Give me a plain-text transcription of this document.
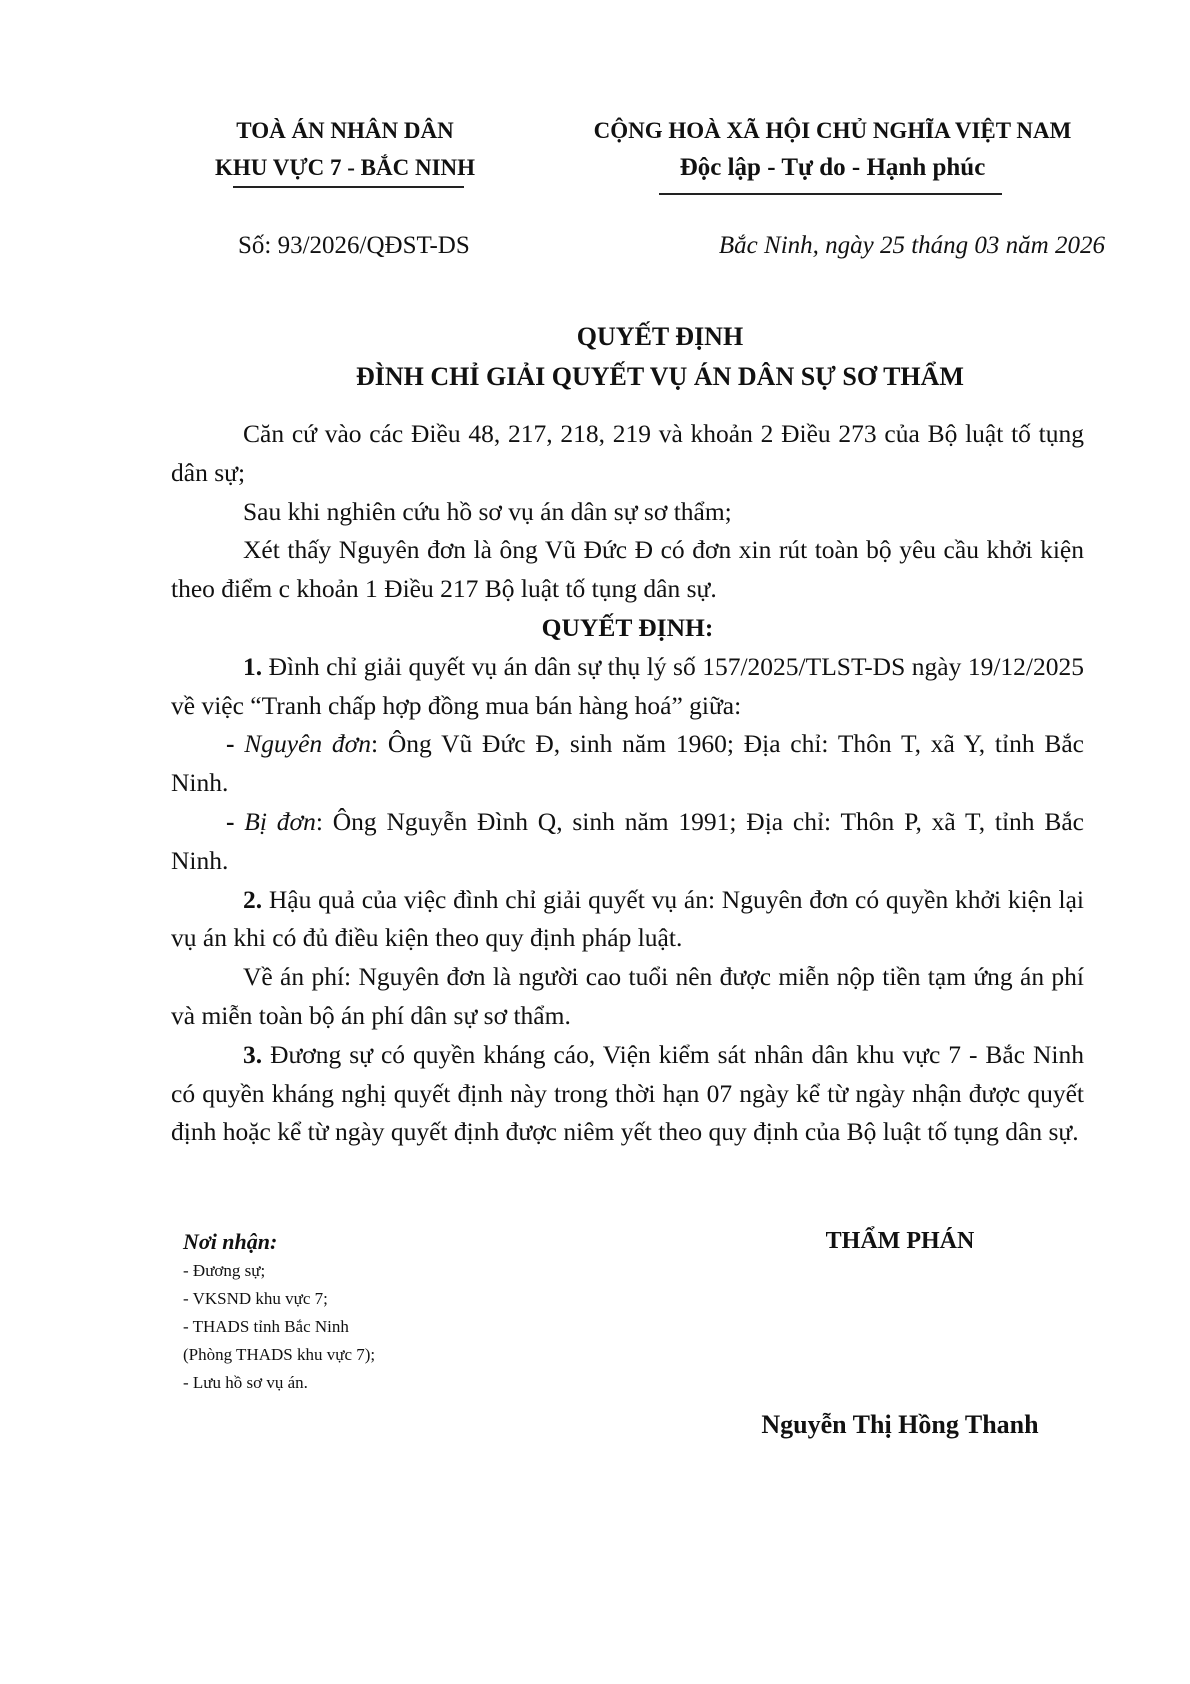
TOÀ ÁN NHÂN DÂN
KHU VỰC 7 - BẮC NINH
CỘNG HOÀ XÃ HỘI CHỦ NGHĨA VIỆT NAM
Độc lập - Tự do - Hạnh phúc
Số: 93/2026/QĐST-DS	Bắc Ninh, ngày 25 tháng 03 năm 2026
QUYẾT ĐỊNH
ĐÌNH CHỈ GIẢI QUYẾT VỤ ÁN DÂN SỰ SƠ THẨM

Căn cứ vào các Điều 48, 217, 218, 219 và khoản 2 Điều 273 của Bộ luật tố tụng dân sự;

Sau khi nghiên cứu hồ sơ vụ án dân sự sơ thẩm;

Xét thấy Nguyên đơn là ông Vũ Đức Đ có đơn xin rút toàn bộ yêu cầu khởi kiện theo điểm c khoản 1 Điều 217 Bộ luật tố tụng dân sự.

QUYẾT ĐỊNH:

1. Đình chỉ giải quyết vụ án dân sự thụ lý số 157/2025/TLST-DS ngày 19/12/2025 về việc “Tranh chấp hợp đồng mua bán hàng hoá” giữa:

- Nguyên đơn: Ông Vũ Đức Đ, sinh năm 1960; Địa chỉ: Thôn T, xã Y, tỉnh Bắc Ninh.

- Bị đơn: Ông Nguyễn Đình Q, sinh năm 1991; Địa chỉ: Thôn P, xã T, tỉnh Bắc Ninh.

2. Hậu quả của việc đình chỉ giải quyết vụ án: Nguyên đơn có quyền khởi kiện lại vụ án khi có đủ điều kiện theo quy định pháp luật.

Về án phí: Nguyên đơn là người cao tuổi nên được miễn nộp tiền tạm ứng án phí và miễn toàn bộ án phí dân sự sơ thẩm.

3. Đương sự có quyền kháng cáo, Viện kiểm sát nhân dân khu vực 7 - Bắc Ninh có quyền kháng nghị quyết định này trong thời hạn 07 ngày kể từ ngày nhận được quyết định hoặc kể từ ngày quyết định được niêm yết theo quy định của Bộ luật tố tụng dân sự.

Nơi nhận:
- Đương sự;
- VKSND khu vực 7;
- THADS tỉnh Bắc Ninh
(Phòng THADS khu vực 7);
- Lưu hồ sơ vụ án.
THẨM PHÁN
Nguyễn Thị Hồng Thanh
